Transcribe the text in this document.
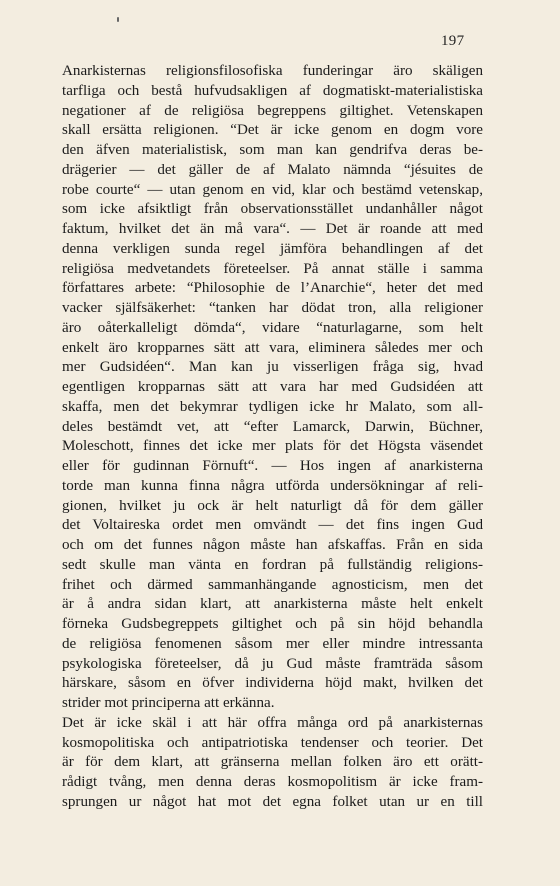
197
Anarkisternas religionsfilosofiska funderingar äro skäligen
tarfliga och bestå hufvudsakligen af dogmatiskt-materialistiska
negationer af de religiösa begreppens giltighet. Vetenskapen
skall ersätta religionen. “Det är icke genom en dogm vore
den äfven materialistisk, som man kan gendrifva deras be-
drägerier — det gäller de af Malato nämnda “jésuites de
robe courte“ — utan genom en vid, klar och bestämd vetenskap,
som icke afsiktligt från observationsstället undanhåller något
faktum, hvilket det än må vara“. — Det är roande att med
denna verkligen sunda regel jämföra behandlingen af det
religiösa medvetandets företeelser. På annat ställe i samma
författares arbete: “Philosophie de l’Anarchie“, heter det med
vacker själfsäkerhet: “tanken har dödat tron, alla religioner
äro oåterkalleligt dömda“, vidare “naturlagarne, som helt
enkelt äro kropparnes sätt att vara, eliminera således mer och
mer Gudsidéen“. Man kan ju visserligen fråga sig, hvad
egentligen kropparnas sätt att vara har med Gudsidéen att
skaffa, men det bekymrar tydligen icke hr Malato, som all-
deles bestämdt vet, att “efter Lamarck, Darwin, Büchner,
Moleschott, finnes det icke mer plats för det Högsta väsendet
eller för gudinnan Förnuft“. — Hos ingen af anarkisterna
torde man kunna finna några utförda undersökningar af reli-
gionen, hvilket ju ock är helt naturligt då för dem gäller
det Voltaireska ordet men omvändt — det fins ingen Gud
och om det funnes någon måste han afskaffas. Från en sida
sedt skulle man vänta en fordran på fullständig religions-
frihet och därmed sammanhängande agnosticism, men det
är å andra sidan klart, att anarkisterna måste helt enkelt
förneka Gudsbegreppets giltighet och på sin höjd behandla
de religiösa fenomenen såsom mer eller mindre intressanta
psykologiska företeelser, då ju Gud måste framträda såsom
härskare, såsom en öfver individerna höjd makt, hvilken det
strider mot principerna att erkänna.
Det är icke skäl i att här offra många ord på anarkisternas
kosmopolitiska och antipatriotiska tendenser och teorier. Det
är för dem klart, att gränserna mellan folken äro ett orätt-
rådigt tvång, men denna deras kosmopolitism är icke fram-
sprungen ur något hat mot det egna folket utan ur en till
